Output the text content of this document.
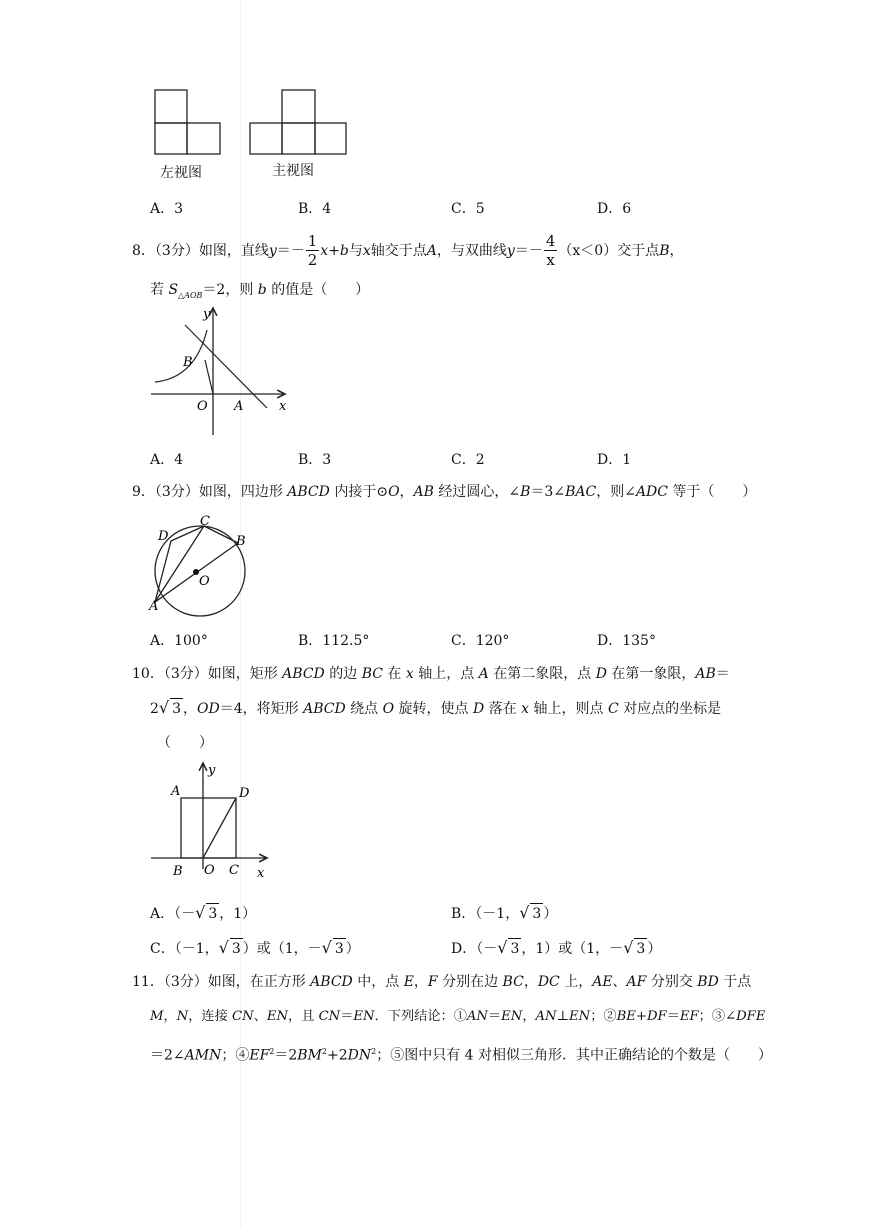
左视图	主视图
A．3	B．4	C．5	D．6
8．（3分）如图，直线 $y =- \frac{1}{2} x+b$ 与 x 轴交于点 A ，与双曲线 $y =- \frac{4}{x} (x<0)$交于点 B ，
若 $S_{\triangle AOB}=2$，则 b 的值是（　　）
y
B
O A	x
A．4	B．3	C．2	D．1
9．（3分）如图，四边形 ABCD 内接于⊙O，AB 经过圆心，∠B＝3∠BAC，则∠ADC 等于（　　）
C
D	B
O
A
A．100°	B．112.5°	C．120°	D．135°
10．（3分）如图，矩形 ABCD 的边 BC 在 x 轴上，点 A 在第二象限，点 D 在第一象限，AB＝
2√ 3 ，OD＝4，将矩形 ABCD 绕点 O 旋转，使点 D 落在 x 轴上，则点 C 对应点的坐标是
（　　）
y
A	D
B O C x
A．（－√ 3 ，1）	B．（－1，√ 3 ）
C．（－1，√ 3 ）或（1，－√ 3 ）	D．（－√ 3 ，1）或（1，－√ 3 ）
11．（3分）如图，在正方形 ABCD 中，点 E，F 分别在边 BC，DC 上，AE、AF 分别交 BD 于点
M，N，连接 CN、EN，且 CN＝EN．下列结论：①AN＝EN，AN⊥EN；②BE+DF＝EF；③∠DFE
＝2∠AMN；$④EF^2=2BM^2+2DN^2$；⑤图中只有 4 对相似三角形．其中正确结论的个数是（　　）
